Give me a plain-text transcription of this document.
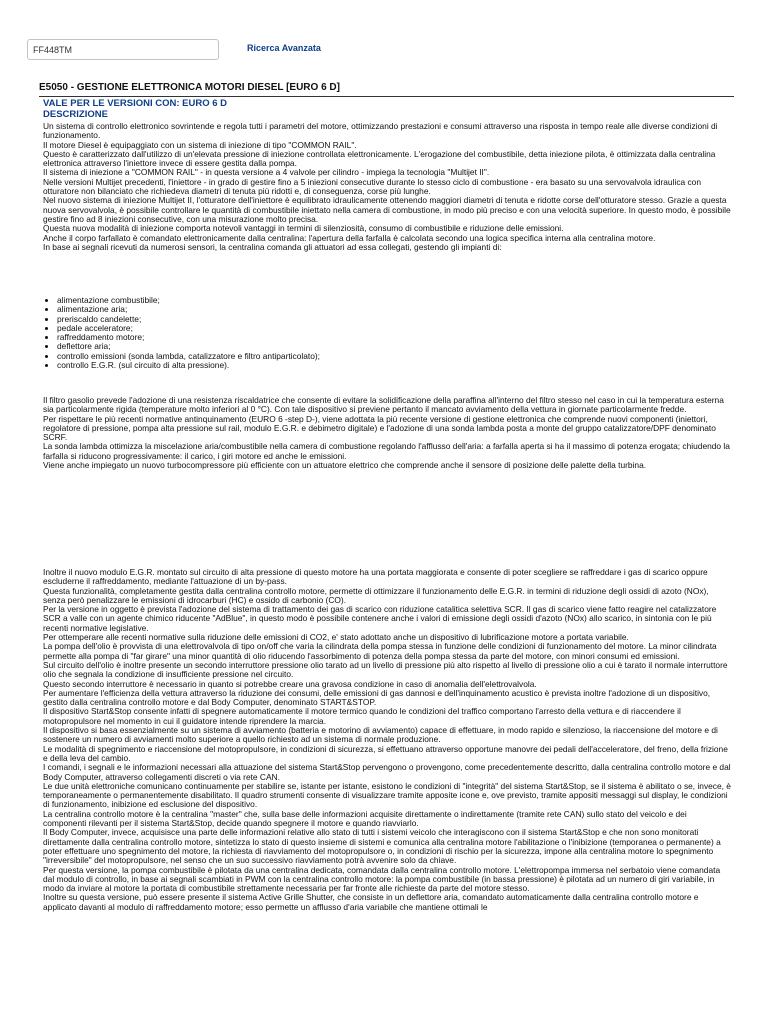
FF448TM
Ricerca Avanzata
E5050 - GESTIONE ELETTRONICA MOTORI DIESEL [EURO 6 D]
VALE PER LE VERSIONI CON: EURO 6 D
DESCRIZIONE

Un sistema di controllo elettronico sovrintende e regola tutti i parametri del motore, ottimizzando prestazioni e consumi attraverso una risposta in tempo reale alle diverse condizioni di funzionamento.

Il motore Diesel è equipaggiato con un sistema di iniezione di tipo "COMMON RAIL".

Questo è caratterizzato dall'utilizzo di un'elevata pressione di iniezione controllata elettronicamente. L'erogazione del combustibile, detta iniezione pilota, è ottimizzata dalla centralina elettronica attraverso l'iniettore invece di essere gestita dalla pompa.

Il sistema di iniezione a "COMMON RAIL" - in questa versione a 4 valvole per cilindro - impiega la tecnologia "Multijet II".

Nelle versioni Multijet precedenti, l'iniettore - in grado di gestire fino a 5 iniezioni consecutive durante lo stesso ciclo di combustione - era basato su una servovalvola idraulica con otturatore non bilanciato che richiedeva diametri di tenuta più ridotti e, di conseguenza, corse più lunghe.

Nel nuovo sistema di iniezione Multijet II, l'otturatore dell'iniettore è equilibrato idraulicamente ottenendo maggiori diametri di tenuta e ridotte corse dell'otturatore stesso. Grazie a questa nuova servovalvola, è possibile controllare le quantità di combustibile iniettato nella camera di combustione, in modo più preciso e con una velocità superiore. In questo modo, è possibile gestire fino ad 8 iniezioni consecutive, con una misurazione molto precisa.

Questa nuova modalità di iniezione comporta notevoli vantaggi in termini di silenziosità, consumo di combustibile e riduzione delle emissioni.

Anche il corpo farfallato è comandato elettronicamente dalla centralina: l'apertura della farfalla è calcolata secondo una logica specifica interna alla centralina motore.

In base ai segnali ricevuti da numerosi sensori, la centralina comanda gli attuatori ad essa collegati, gestendo gli impianti di:

• alimentazione combustibile;
• alimentazione aria;
• preriscaldo candelette;
• pedale acceleratore;
• raffreddamento motore;
• deflettore aria;
• controllo emissioni (sonda lambda, catalizzatore e filtro antiparticolato);
• controllo E.G.R. (sul circuito di alta pressione).

Il filtro gasolio prevede l'adozione di una resistenza riscaldatrice che consente di evitare la solidificazione della paraffina all'interno del filtro stesso nel caso in cui la temperatura esterna sia particolarmente rigida (temperature molto inferiori al 0 °C). Con tale dispositivo si previene pertanto il mancato avviamento della vettura in giornate particolarmente fredde.

Per rispettare le più recenti normative antinquinamento (EURO 6 -step D-), viene adottata la più recente versione di gestione elettronica che comprende nuovi componenti (iniettori, regolatore di pressione, pompa alta pressione sul rail, modulo E.G.R. e debimetro digitale) e l'adozione di una sonda lambda posta a monte del gruppo catalizzatore/DPF denominato SCRF.

La sonda lambda ottimizza la miscelazione aria/combustibile nella camera di combustione regolando l'afflusso dell'aria: a farfalla aperta si ha il massimo di potenza erogata; chiudendo la farfalla si riducono progressivamente: il carico, i giri motore ed anche le emissioni.

Viene anche impiegato un nuovo turbocompressore più efficiente con un attuatore elettrico che comprende anche il sensore di posizione delle palette della turbina.

Inoltre il nuovo modulo E.G.R. montato sul circuito di alta pressione di questo motore ha una portata maggiorata e consente di poter scegliere se raffreddare i gas di scarico oppure escluderne il raffreddamento, mediante l'attuazione di un by-pass.

Questa funzionalità, completamente gestita dalla centralina controllo motore, permette di ottimizzare il funzionamento delle E.G.R. in termini di riduzione degli ossidi di azoto (NOx), senza però penalizzare le emissioni di idrocarburi (HC) e ossido di carbonio (CO).

Per la versione in oggetto è prevista l'adozione del sistema di trattamento dei gas di scarico con riduzione catalitica selettiva SCR. Il gas di scarico viene fatto reagire nel catalizzatore SCR a valle con un agente chimico riducente "AdBlue", in questo modo è possibile contenere anche i valori di emissione degli ossidi d'azoto (NOx) allo scarico, in sintonia con le più recenti normative legislative.

Per ottemperare alle recenti normative sulla riduzione delle emissioni di CO2, e' stato adottato anche un dispositivo di lubrificazione motore a portata variabile.

La pompa dell'olio è provvista di una elettrovalvola di tipo on/off che varia la cilindrata della pompa stessa in funzione delle condizioni di funzionamento del motore. La minor cilindrata permette alla pompa di "far girare" una minor quantità di olio riducendo l'assorbimento di potenza della pompa stessa da parte del motore, con minori consumi ed emissioni.

Sul circuito dell'olio è inoltre presente un secondo interruttore pressione olio tarato ad un livello di pressione più alto rispetto al livello di pressione olio a cui è tarato il normale interruttore olio che segnala la condizione di insufficiente pressione nel circuito.

Questo secondo interruttore è necessario in quanto si potrebbe creare una gravosa condizione in caso di anomalia dell'elettrovalvola.

Per aumentare l'efficienza della vettura attraverso la riduzione dei consumi, delle emissioni di gas dannosi e dell'inquinamento acustico è prevista inoltre l'adozione di un dispositivo, gestito dalla centralina controllo motore e dal Body Computer, denominato START&STOP.

Il dispositivo Start&Stop consente infatti di spegnere automaticamente il motore termico quando le condizioni del traffico comportano l'arresto della vettura e di riaccendere il motopropulsore nel momento in cui il guidatore intende riprendere la marcia.

Il dispositivo si basa essenzialmente su un sistema di avviamento (batteria e motorino di avviamento) capace di effettuare, in modo rapido e silenzioso, la riaccensione del motore e di sostenere un numero di avviamenti molto superiore a quello richiesto ad un sistema di normale produzione.

Le modalità di spegnimento e riaccensione del motopropulsore, in condizioni di sicurezza, si effettuano attraverso opportune manovre dei pedali dell'acceleratore, del freno, della frizione e della leva del cambio.

I comandi, i segnali e le informazioni necessari alla attuazione del sistema Start&Stop pervengono o provengono, come precedentemente descritto, dalla centralina controllo motore e dal Body Computer, attraverso collegamenti discreti o via rete CAN.

Le due unità elettroniche comunicano continuamente per stabilire se, istante per istante, esistono le condizioni di "integrità" del sistema Start&Stop, se il sistema è abilitato o se, invece, è temporaneamente o permanentemente disabilitato. Il quadro strumenti consente di visualizzare tramite apposite icone e, ove previsto, tramite appositi messaggi sul display, le condizioni di funzionamento, inibizione ed esclusione del dispositivo.

La centralina controllo motore è la centralina "master" che, sulla base delle informazioni acquisite direttamente o indirettamente (tramite rete CAN) sullo stato del veicolo e dei componenti rilevanti per il sistema Start&Stop, decide quando spegnere il motore e quando riavviarlo.

Il Body Computer, invece, acquisisce una parte delle informazioni relative allo stato di tutti i sistemi veicolo che interagiscono con il sistema Start&Stop e che non sono monitorati direttamente dalla centralina controllo motore, sintetizza lo stato di questo insieme di sistemi e comunica alla centralina motore l'abilitazione o l'inibizione (temporanea o permanente) a poter effettuare uno spegnimento del motore, la richiesta di riavviamento del motopropulsore o, in condizioni di rischio per la sicurezza, impone alla centralina motore lo spegnimento "irreversibile" del motopropulsore, nel senso che un suo successivo riavviamento potrà avvenire solo da chiave.

Per questa versione, la pompa combustibile è pilotata da una centralina dedicata, comandata dalla centralina controllo motore. L'elettropompa immersa nel serbatoio viene comandata dal modulo di controllo, in base ai segnali scambiati in PWM con la centralina controllo motore: la pompa combustibile (in bassa pressione) è pilotata ad un numero di giri variabile, in modo da inviare al motore la portata di combustibile strettamente necessaria per far fronte alle richieste da parte del motore stesso.

Inoltre su questa versione, può essere presente il sistema Active Grille Shutter, che consiste in un deflettore aria, comandato automaticamente dalla centralina controllo motore e applicato davanti al modulo di raffreddamento motore; esso permette un afflusso d'aria variabile che mantiene ottimali le
